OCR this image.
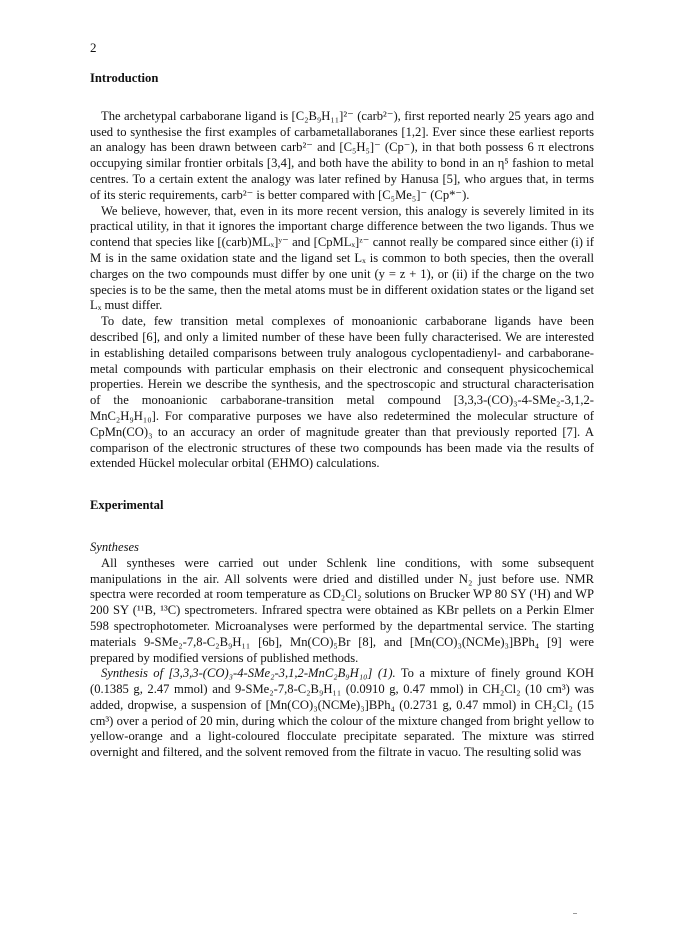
2
Introduction

The archetypal carbaborane ligand is [C₂B₉H₁₁]²⁻ (carb²⁻), first reported nearly 25 years ago and used to synthesise the first examples of carbametallaboranes [1,2]. Ever since these earliest reports an analogy has been drawn between carb²⁻ and [C₅H₅]⁻ (Cp⁻), in that both possess 6 π electrons occupying similar frontier orbitals [3,4], and both have the ability to bond in an η⁵ fashion to metal centres. To a certain extent the analogy was later refined by Hanusa [5], who argues that, in terms of its steric requirements, carb²⁻ is better compared with [C₅Me₅]⁻ (Cp*⁻).

We believe, however, that, even in its more recent version, this analogy is severely limited in its practical utility, in that it ignores the important charge difference between the two ligands. Thus we contend that species like [(carb)MLₓ]ʸ⁻ and [CpMLₓ]ᶻ⁻ cannot really be compared since either (i) if M is in the same oxidation state and the ligand set Lₓ is common to both species, then the overall charges on the two compounds must differ by one unit (y = z + 1), or (ii) if the charge on the two species is to be the same, then the metal atoms must be in different oxidation states or the ligand set Lₓ must differ.

To date, few transition metal complexes of monoanionic carbaborane ligands have been described [6], and only a limited number of these have been fully characterised. We are interested in establishing detailed comparisons between truly analogous cyclopentadienyl- and carbaborane-metal compounds with particular emphasis on their electronic and consequent physicochemical properties. Herein we describe the synthesis, and the spectroscopic and structural characterisation of the monoanionic carbaborane-transition metal compound [3,3,3-(CO)₃-4-SMe₂-3,1,2-MnC₂H₉H₁₀]. For comparative purposes we have also redetermined the molecular structure of CpMn(CO)₃ to an accuracy an order of magnitude greater than that previously reported [7]. A comparison of the electronic structures of these two compounds has been made via the results of extended Hückel molecular orbital (EHMO) calculations.

Experimental
Syntheses

All syntheses were carried out under Schlenk line conditions, with some subsequent manipulations in the air. All solvents were dried and distilled under N₂ just before use. NMR spectra were recorded at room temperature as CD₂Cl₂ solutions on Brucker WP 80 SY (¹H) and WP 200 SY (¹¹B, ¹³C) spectrometers. Infrared spectra were obtained as KBr pellets on a Perkin Elmer 598 spectrophotometer. Microanalyses were performed by the departmental service. The starting materials 9-SMe₂-7,8-C₂B₉H₁₁ [6b], Mn(CO)₅Br [8], and [Mn(CO)₃(NCMe)₃]BPh₄ [9] were prepared by modified versions of published methods.

Synthesis of [3,3,3-(CO)₃-4-SMe₂-3,1,2-MnC₂B₉H₁₀] (1). To a mixture of finely ground KOH (0.1385 g, 2.47 mmol) and 9-SMe₂-7,8-C₂B₉H₁₁ (0.0910 g, 0.47 mmol) in CH₂Cl₂ (10 cm³) was added, dropwise, a suspension of [Mn(CO)₃(NCMe)₃]BPh₄ (0.2731 g, 0.47 mmol) in CH₂Cl₂ (15 cm³) over a period of 20 min, during which the colour of the mixture changed from bright yellow to yellow-orange and a light-coloured flocculate precipitate separated. The mixture was stirred overnight and filtered, and the solvent removed from the filtrate in vacuo. The resulting solid was
